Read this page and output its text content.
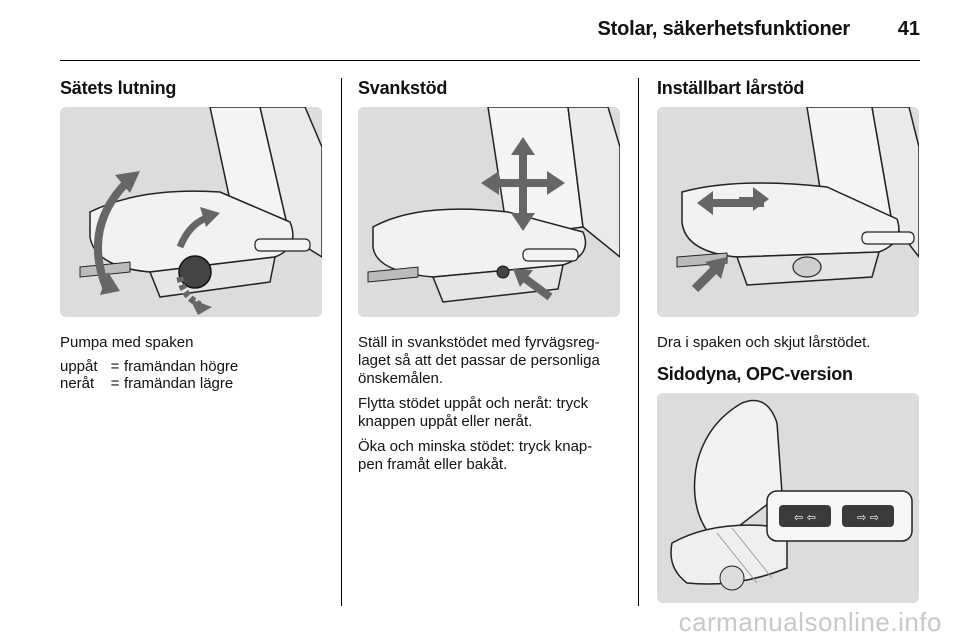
Stolar, säkerhetsfunktioner 41
Sätets lutning
Pumpa med spaken
uppåt = framändan högre
neråt	= framändan lägre
Svankstöd

Ställ in svankstödet med fyrvägsreg-
laget så att det passar de personliga
önskemålen.

Flytta stödet uppåt och neråt: tryck
knappen uppåt eller neråt.

Öka och minska stödet: tryck knap-
pen framåt eller bakåt.

Inställbart lårstöd
Dra i spaken och skjut lårstödet.
Sidodyna, OPC-version
⇦ ⇦	⇨ ⇨
carmanualsonline.info
